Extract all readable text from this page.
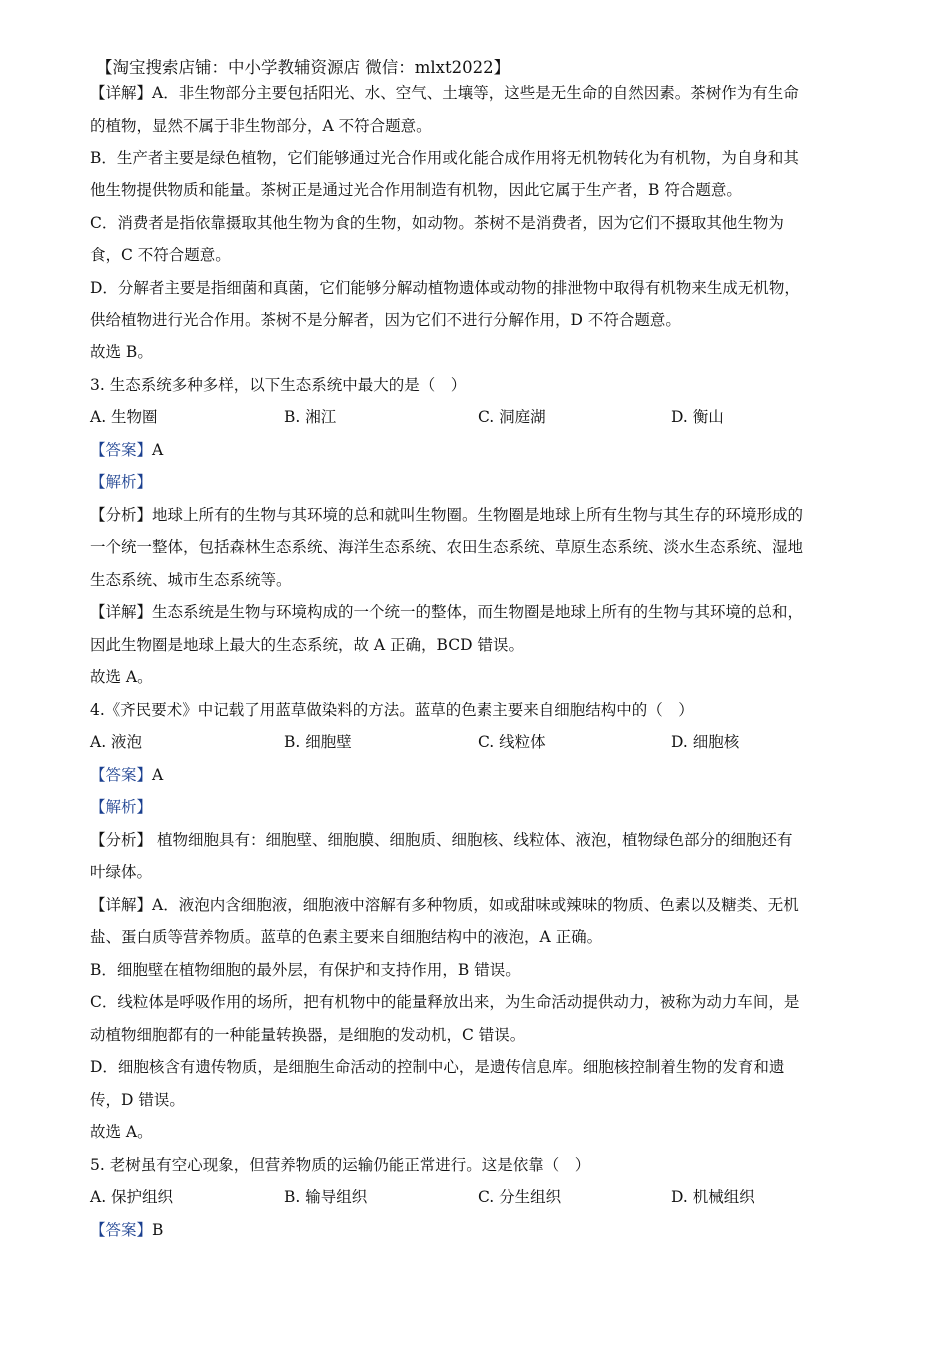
【淘宝搜索店铺：中小学教辅资源店 微信：mlxt2022】
【详解】A．非生物部分主要包括阳光、水、空气、土壤等，这些是无生命的自然因素。茶树作为有生命
的植物，显然不属于非生物部分，A 不符合题意。
B．生产者主要是绿色植物，它们能够通过光合作用或化能合成作用将无机物转化为有机物，为自身和其
他生物提供物质和能量。茶树正是通过光合作用制造有机物，因此它属于生产者，B 符合题意。
C．消费者是指依靠摄取其他生物为食的生物，如动物。茶树不是消费者，因为它们不摄取其他生物为
食，C 不符合题意。
D．分解者主要是指细菌和真菌，它们能够分解动植物遗体或动物的排泄物中取得有机物来生成无机物，
供给植物进行光合作用。茶树不是分解者，因为它们不进行分解作用，D 不符合题意。
故选 B。
3. 生态系统多种多样，以下生态系统中最大的是（　）
A. 生物圈	B. 湘江	C. 洞庭湖	D. 衡山
【答案】A
【解析】
【分析】地球上所有的生物与其环境的总和就叫生物圈。生物圈是地球上所有生物与其生存的环境形成的
一个统一整体，包括森林生态系统、海洋生态系统、农田生态系统、草原生态系统、淡水生态系统、湿地
生态系统、城市生态系统等。
【详解】生态系统是生物与环境构成的一个统一的整体，而生物圈是地球上所有的生物与其环境的总和，
因此生物圈是地球上最大的生态系统，故 A 正确，BCD 错误。
故选 A。
4.《齐民要术》中记载了用蓝草做染料的方法。蓝草的色素主要来自细胞结构中的（　）
A. 液泡	B. 细胞壁	C. 线粒体	D. 细胞核
【答案】A
【解析】
【分析】 植物细胞具有：细胞壁、细胞膜、细胞质、细胞核、线粒体、液泡，植物绿色部分的细胞还有
叶绿体。
【详解】A．液泡内含细胞液，细胞液中溶解有多种物质，如或甜味或辣味的物质、色素以及糖类、无机
盐、蛋白质等营养物质。蓝草的色素主要来自细胞结构中的液泡，A 正确。
B．细胞壁在植物细胞的最外层，有保护和支持作用，B 错误。
C．线粒体是呼吸作用的场所，把有机物中的能量释放出来，为生命活动提供动力，被称为动力车间，是
动植物细胞都有的一种能量转换器，是细胞的发动机，C 错误。
D．细胞核含有遗传物质，是细胞生命活动的控制中心，是遗传信息库。细胞核控制着生物的发育和遗
传，D 错误。
故选 A。
5. 老树虽有空心现象，但营养物质的运输仍能正常进行。这是依靠（　）
A. 保护组织	B. 输导组织	C. 分生组织	D. 机械组织
【答案】B
